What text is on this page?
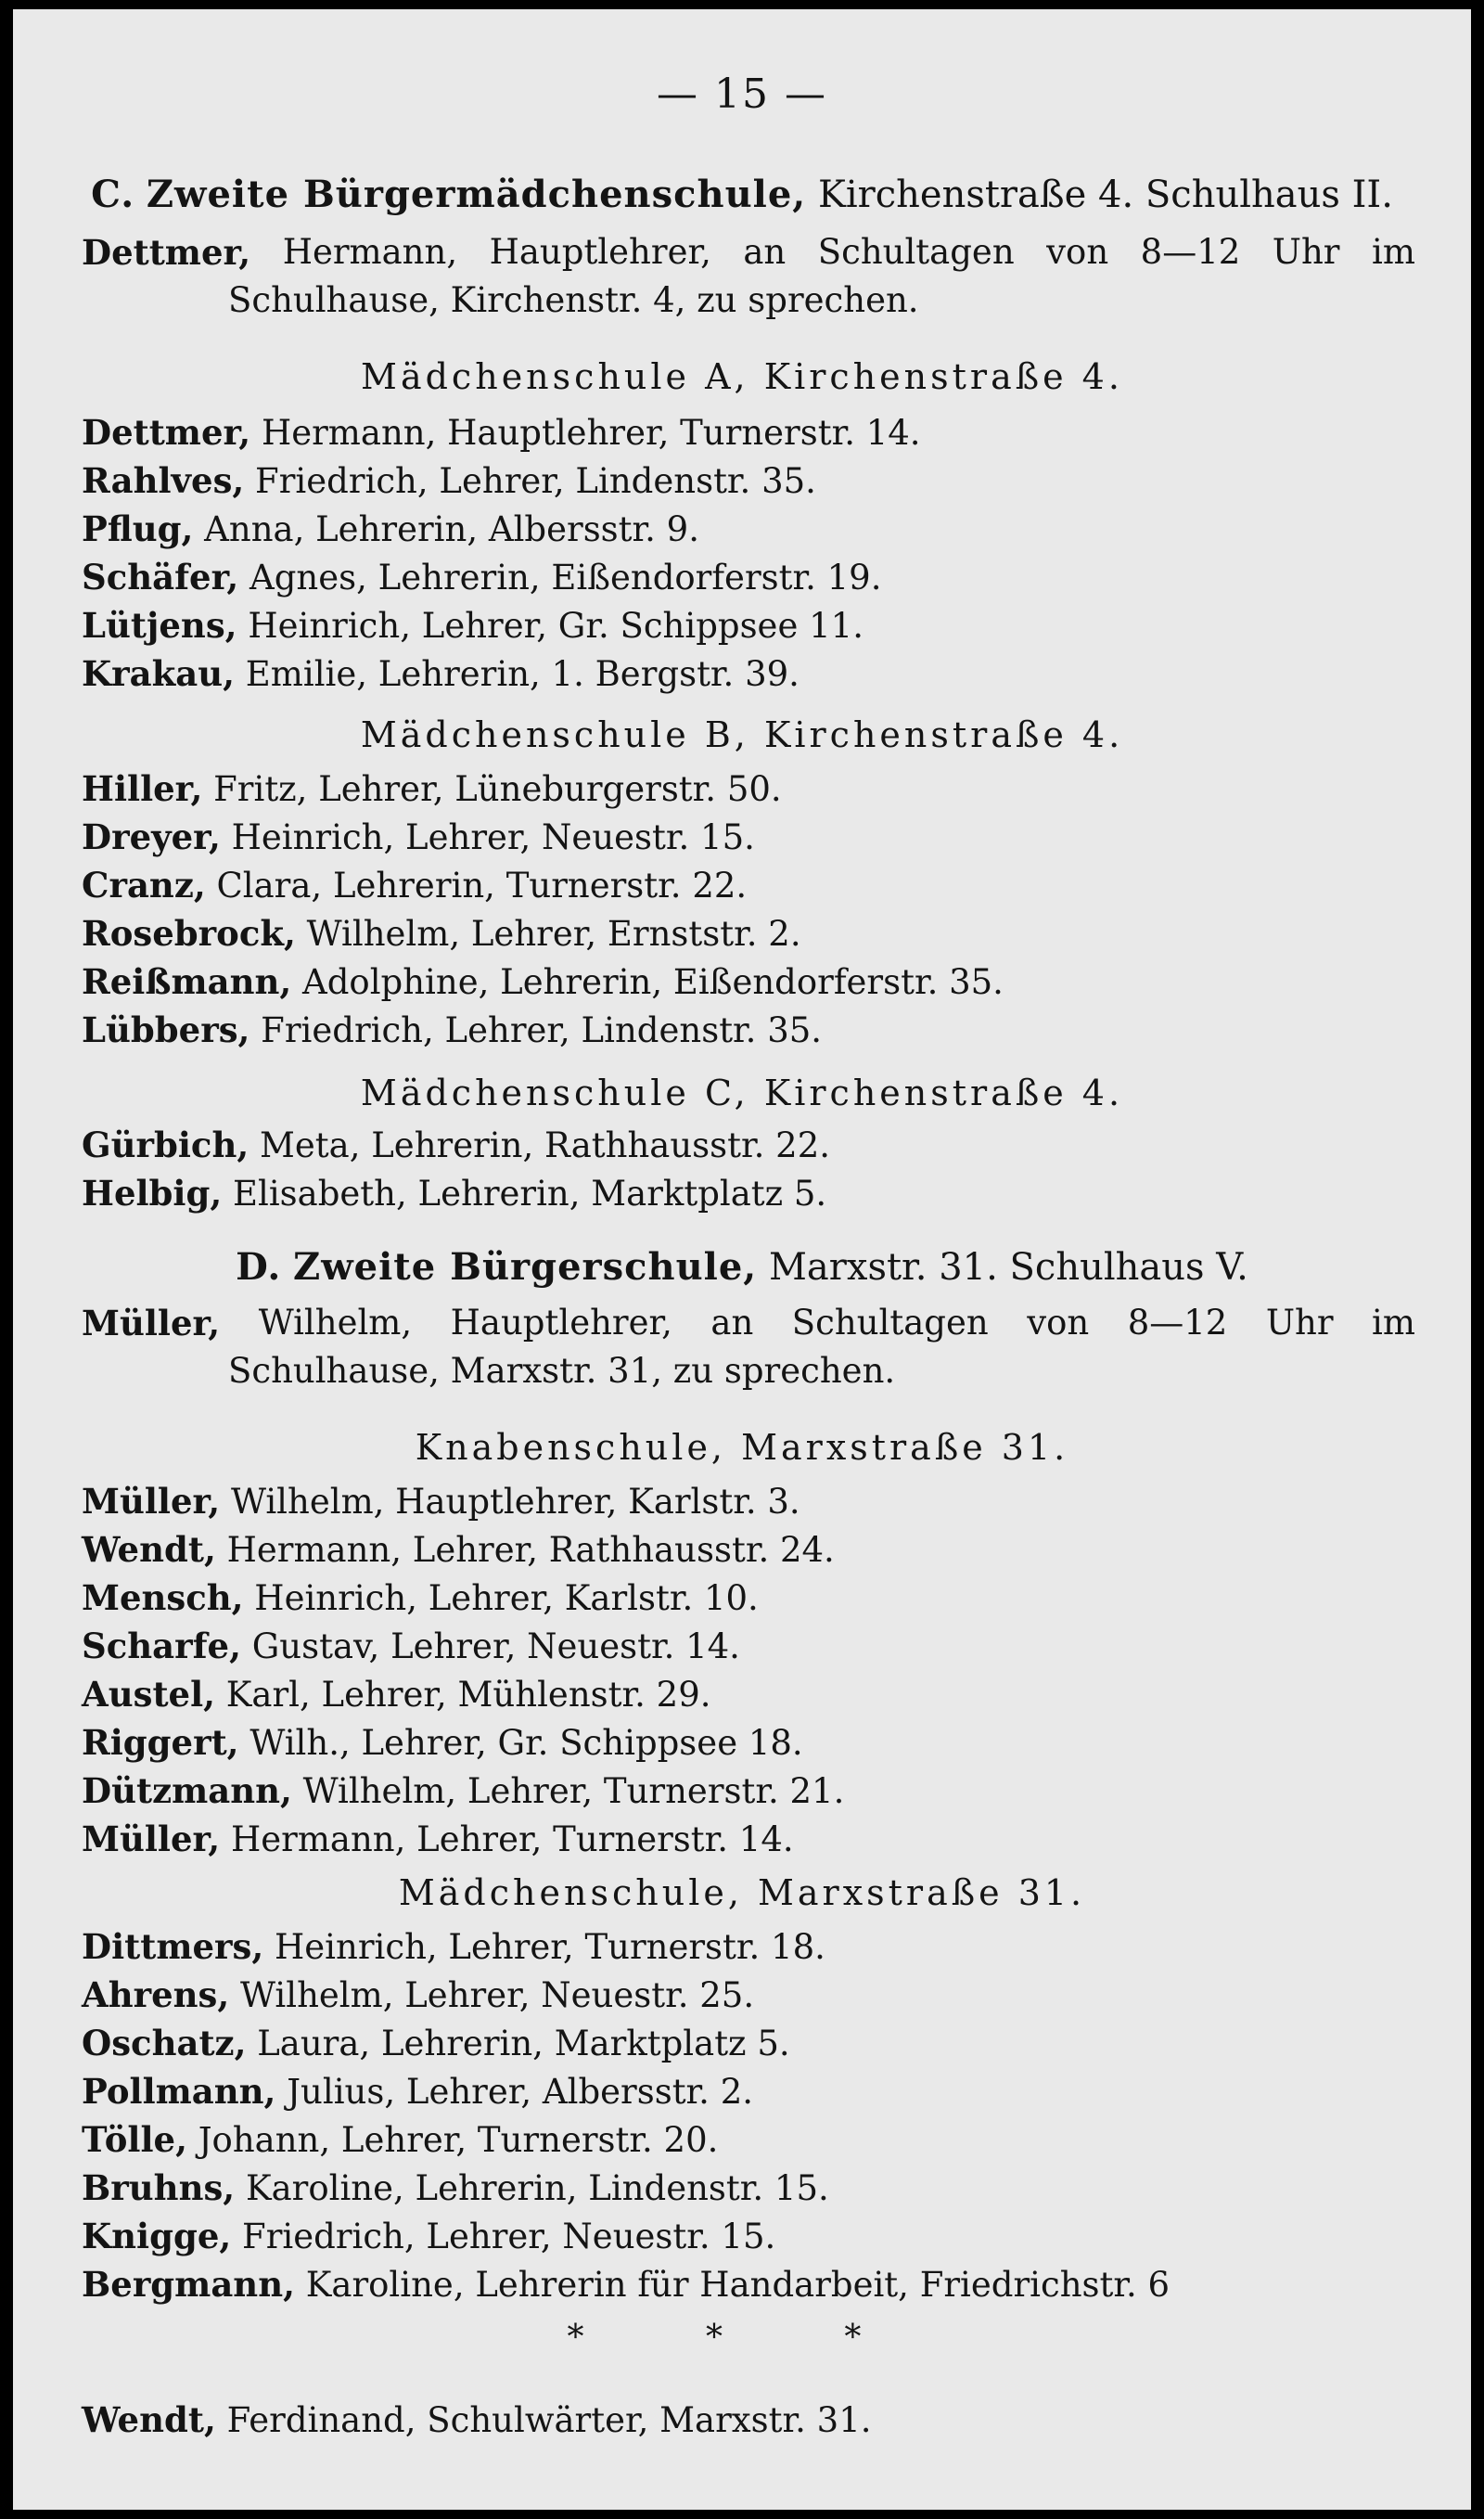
— 15 —
C. Zweite Bürgermädchenschule, Kirchenstraße 4. Schulhaus II.
Dettmer, Hermann, Hauptlehrer, an Schultagen von 8—12 Uhr im
Schulhause, Kirchenstr. 4, zu sprechen.
Mädchenschule A, Kirchenstraße 4.
Dettmer, Hermann, Hauptlehrer, Turnerstr. 14.
Rahlves, Friedrich, Lehrer, Lindenstr. 35.
Pflug, Anna, Lehrerin, Albersstr. 9.
Schäfer, Agnes, Lehrerin, Eißendorferstr. 19.
Lütjens, Heinrich, Lehrer, Gr. Schippsee 11.
Krakau, Emilie, Lehrerin, 1. Bergstr. 39.
Mädchenschule B, Kirchenstraße 4.
Hiller, Fritz, Lehrer, Lüneburgerstr. 50.
Dreyer, Heinrich, Lehrer, Neuestr. 15.
Cranz, Clara, Lehrerin, Turnerstr. 22.
Rosebrock, Wilhelm, Lehrer, Ernststr. 2.
Reißmann, Adolphine, Lehrerin, Eißendorferstr. 35.
Lübbers, Friedrich, Lehrer, Lindenstr. 35.
Mädchenschule C, Kirchenstraße 4.
Gürbich, Meta, Lehrerin, Rathhausstr. 22.
Helbig, Elisabeth, Lehrerin, Marktplatz 5.
D. Zweite Bürgerschule, Marxstr. 31. Schulhaus V.
Müller, Wilhelm, Hauptlehrer, an Schultagen von 8—12 Uhr im
Schulhause, Marxstr. 31, zu sprechen.
Knabenschule, Marxstraße 31.
Müller, Wilhelm, Hauptlehrer, Karlstr. 3.
Wendt, Hermann, Lehrer, Rathhausstr. 24.
Mensch, Heinrich, Lehrer, Karlstr. 10.
Scharfe, Gustav, Lehrer, Neuestr. 14.
Austel, Karl, Lehrer, Mühlenstr. 29.
Riggert, Wilh., Lehrer, Gr. Schippsee 18.
Dützmann, Wilhelm, Lehrer, Turnerstr. 21.
Müller, Hermann, Lehrer, Turnerstr. 14.
Mädchenschule, Marxstraße 31.
Dittmers, Heinrich, Lehrer, Turnerstr. 18.
Ahrens, Wilhelm, Lehrer, Neuestr. 25.
Oschatz, Laura, Lehrerin, Marktplatz 5.
Pollmann, Julius, Lehrer, Albersstr. 2.
Tölle, Johann, Lehrer, Turnerstr. 20.
Bruhns, Karoline, Lehrerin, Lindenstr. 15.
Knigge, Friedrich, Lehrer, Neuestr. 15.
Bergmann, Karoline, Lehrerin für Handarbeit, Friedrichstr. 6
* * *
Wendt, Ferdinand, Schulwärter, Marxstr. 31.
